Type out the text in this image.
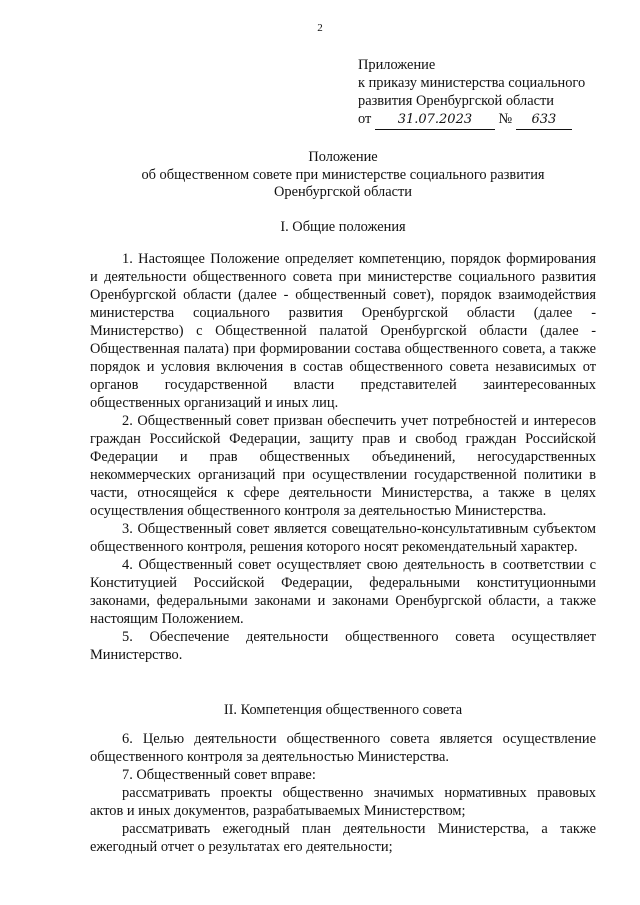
2
Приложение
к приказу министерства социального
развития Оренбургской области
от 31.07.2023 № 633
Положение
об общественном совете при министерстве социального развития
Оренбургской области
I. Общие положения

1. Настоящее Положение определяет компетенцию, порядок формирования и деятельности общественного совета при министерстве социального развития Оренбургской области (далее - общественный совет), порядок взаимодействия министерства социального развития Оренбургской области (далее - Министерство) с Общественной палатой Оренбургской области (далее - Общественная палата) при формировании состава общественного совета, а также порядок и условия включения в состав общественного совета независимых от органов государственной власти представителей заинтересованных общественных организаций и иных лиц.

2. Общественный совет призван обеспечить учет потребностей и интересов граждан Российской Федерации, защиту прав и свобод граждан Российской Федерации и прав общественных объединений, негосударственных некоммерческих организаций при осуществлении государственной политики в части, относящейся к сфере деятельности Министерства, а также в целях осуществления общественного контроля за деятельностью Министерства.

3. Общественный совет является совещательно-консультативным субъектом общественного контроля, решения которого носят рекомендательный характер.

4. Общественный совет осуществляет свою деятельность в соответствии с Конституцией Российской Федерации, федеральными конституционными законами, федеральными законами и законами Оренбургской области, а также настоящим Положением.

5. Обеспечение деятельности общественного совета осуществляет Министерство.

II. Компетенция общественного совета

6. Целью деятельности общественного совета является осуществление общественного контроля за деятельностью Министерства.

7. Общественный совет вправе:

рассматривать проекты общественно значимых нормативных правовых актов и иных документов, разрабатываемых Министерством;

рассматривать ежегодный план деятельности Министерства, а также ежегодный отчет о результатах его деятельности;
